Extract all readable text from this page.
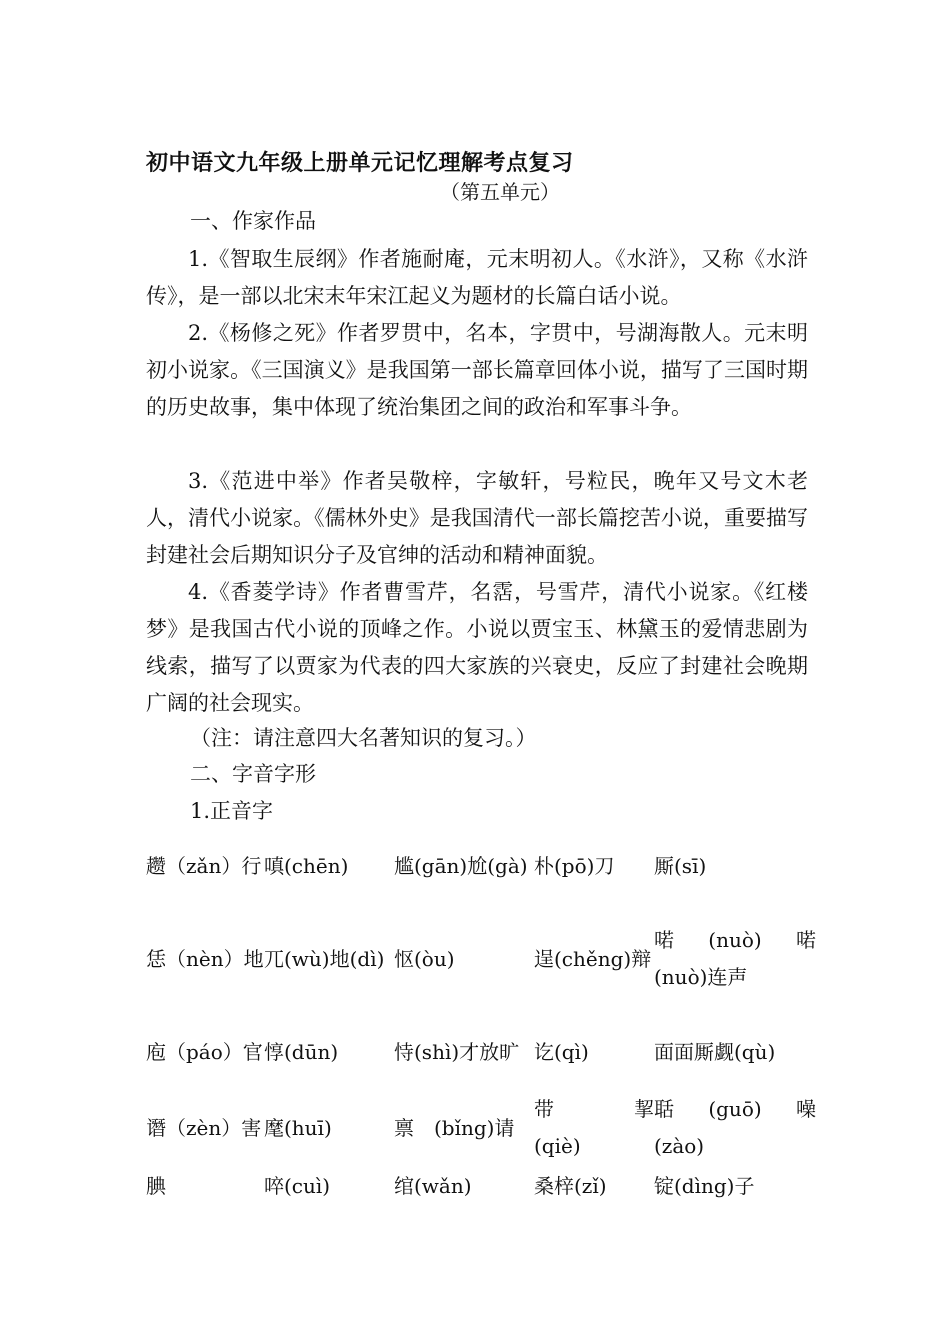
初中语文九年级上册单元记忆理解考点复习
（第五单元）
一、作家作品
1.《智取生辰纲》作者施耐庵，元末明初人。《水浒》，又称《水浒传》，是一部以北宋末年宋江起义为题材的长篇白话小说。
2.《杨修之死》作者罗贯中，名本，字贯中，号湖海散人。元末明初小说家。《三国演义》是我国第一部长篇章回体小说，描写了三国时期的历史故事，集中体现了统治集团之间的政治和军事斗争。
3.《范进中举》作者吴敬梓，字敏轩，号粒民，晚年又号文木老人，清代小说家。《儒林外史》是我国清代一部长篇挖苦小说，重要描写封建社会后期知识分子及官绅的活动和精神面貌。
4.《香菱学诗》作者曹雪芹，名霑，号雪芹，清代小说家。《红楼梦》是我国古代小说的顶峰之作。小说以贾宝玉、林黛玉的爱情悲剧为线索，描写了以贾家为代表的四大家族的兴衰史，反应了封建社会晚期广阔的社会现实。
（注：请注意四大名著知识的复习。）
二、字音字形
1.正音字
趱（zǎn）行	嗔(chēn)	尴(gān)尬(gà)	朴(pō)刀	厮(sī)

恁（nèn）地	兀(wù)地(dì)	怄(òu)	逞(chěng)辩	喏　(nuò)　喏(nuò)连声

庖（páo）官	惇(dūn)	恃(shì)才放旷	讫(qì)	面面厮觑(qù)

谮（zèn）害	麾(huī)	禀　(bǐng)请	带　　挈(qiè)	聒　(guō)　噪(zào)

腆	啐(cuì)	绾(wǎn)	桑梓(zǐ)	锭(dìng)子
